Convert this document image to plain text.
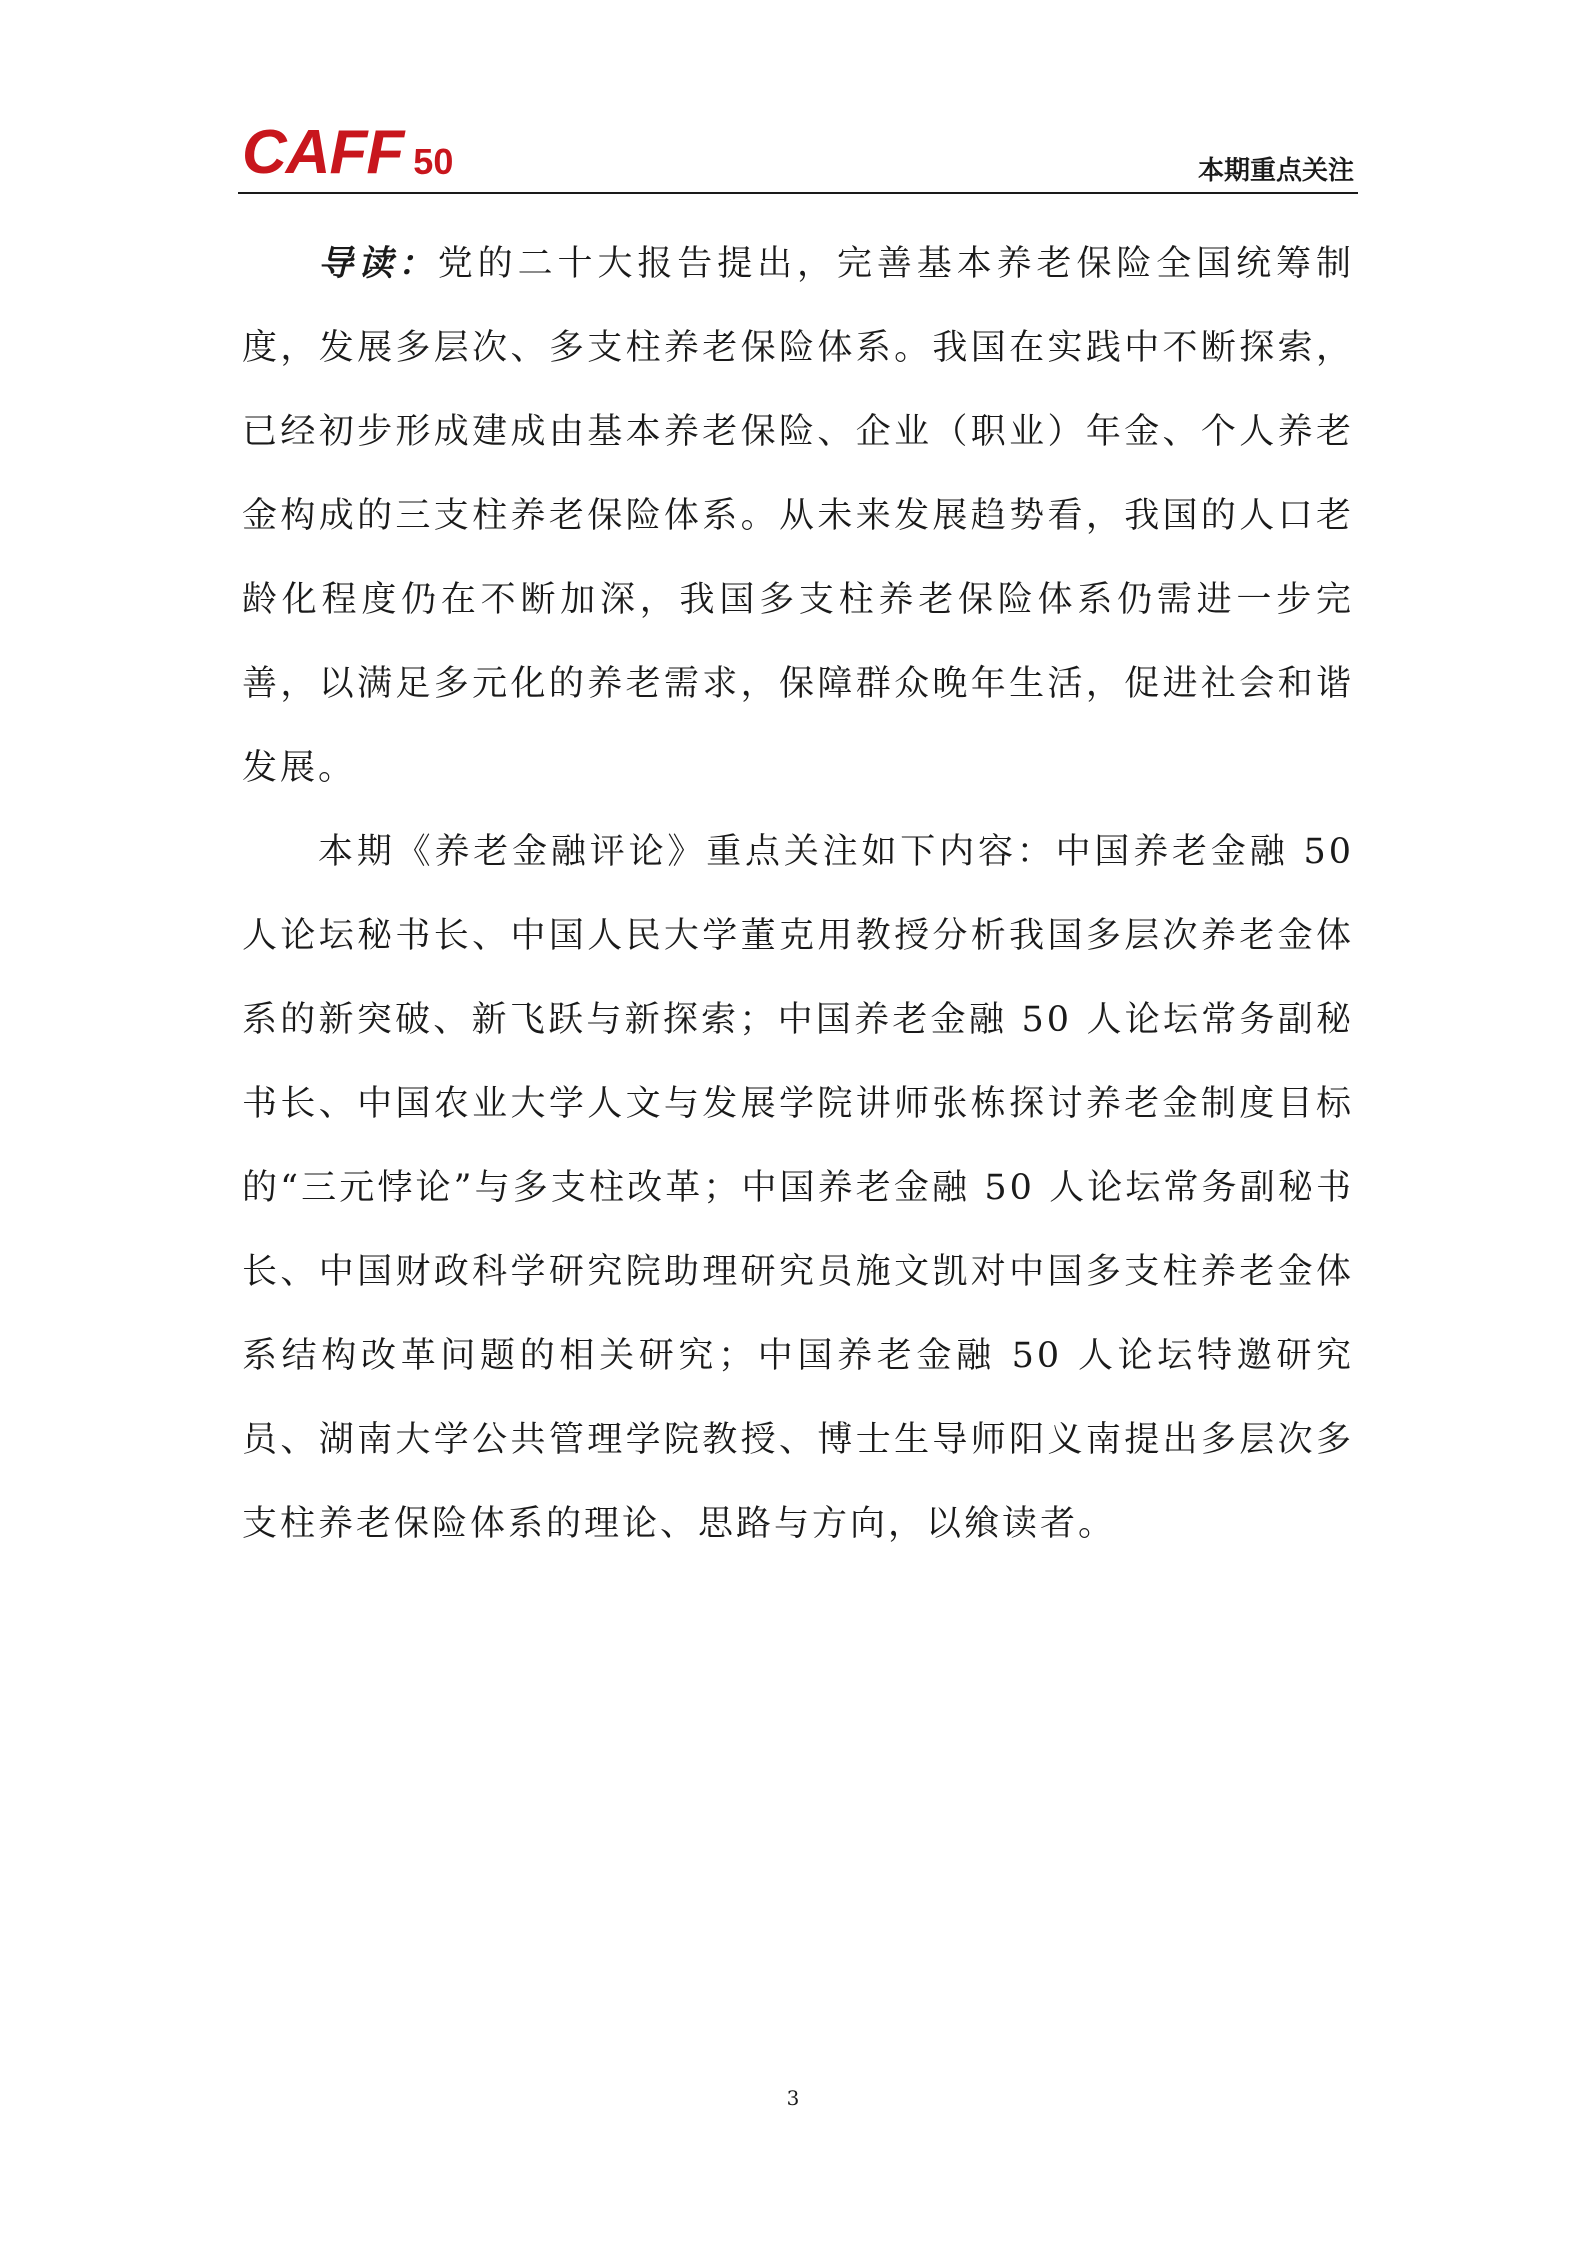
CAFF 50	本期重点关注

导读：党的二十大报告提出，完善基本养老保险全国统筹制度，发展多层次、多支柱养老保险体系。我国在实践中不断探索，已经初步形成建成由基本养老保险、企业（职业）年金、个人养老金构成的三支柱养老保险体系。从未来发展趋势看，我国的人口老龄化程度仍在不断加深，我国多支柱养老保险体系仍需进一步完善，以满足多元化的养老需求，保障群众晚年生活，促进社会和谐发展。

本期《养老金融评论》重点关注如下内容：中国养老金融 50 人论坛秘书长、中国人民大学董克用教授分析我国多层次养老金体系的新突破、新飞跃与新探索；中国养老金融 50 人论坛常务副秘书长、中国农业大学人文与发展学院讲师张栋探讨养老金制度目标的“三元悖论”与多支柱改革；中国养老金融 50 人论坛常务副秘书长、中国财政科学研究院助理研究员施文凯对中国多支柱养老金体系结构改革问题的相关研究；中国养老金融 50 人论坛特邀研究员、湖南大学公共管理学院教授、博士生导师阳义南提出多层次多支柱养老保险体系的理论、思路与方向，以飨读者。

3
